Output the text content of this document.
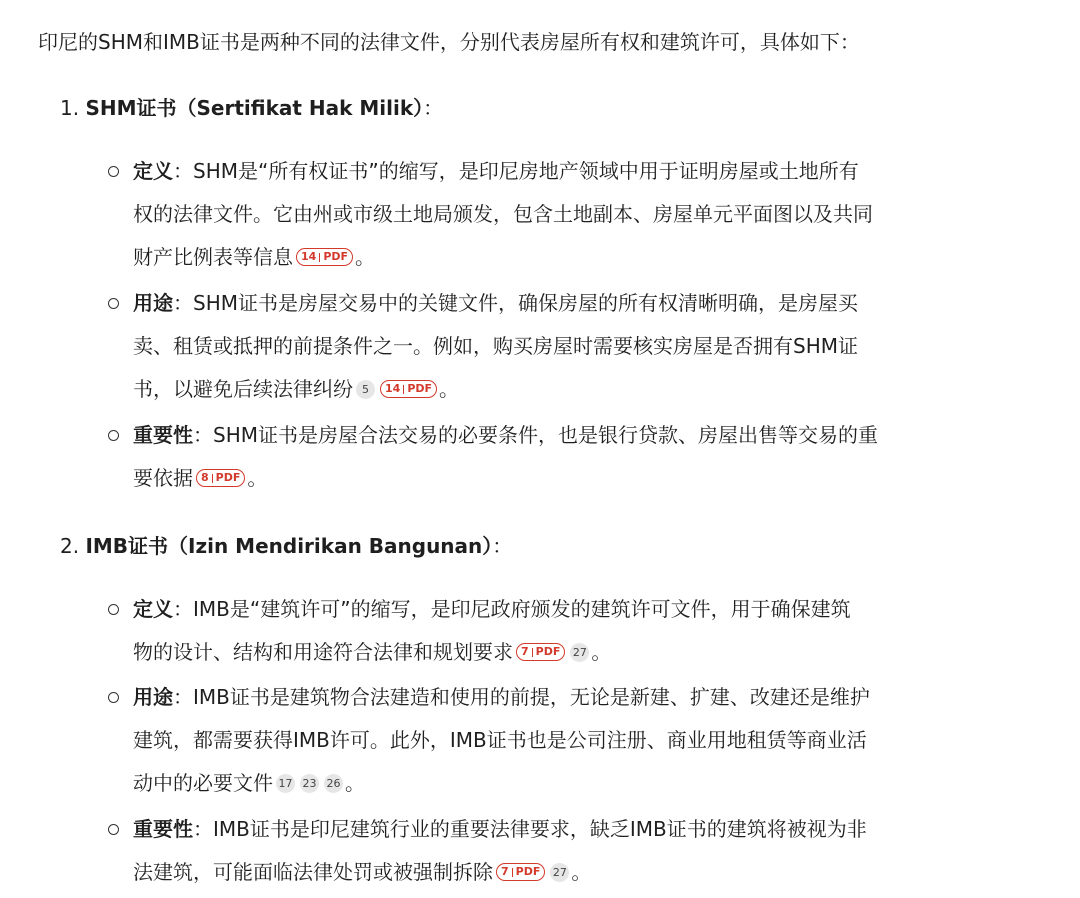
印尼的SHM和IMB证书是两种不同的法律文件，分别代表房屋所有权和建筑许可，具体如下：
1. SHM证书（Sertifikat Hak Milik）：
定义：SHM是“所有权证书”的缩写，是印尼房地产领域中用于证明房屋或土地所有
权的法律文件。它由州或市级土地局颁发，包含土地副本、房屋单元平面图以及共同
财产比例表等信息 14 PDF 。
用途：SHM证书是房屋交易中的关键文件，确保房屋的所有权清晰明确，是房屋买
卖、租赁或抵押的前提条件之一。例如，购买房屋时需要核实房屋是否拥有SHM证
书，以避免后续法律纠纷 5 14 PDF 。
重要性：SHM证书是房屋合法交易的必要条件，也是银行贷款、房屋出售等交易的重
要依据 8 PDF 。
2. IMB证书（Izin Mendirikan Bangunan）：
定义：IMB是“建筑许可”的缩写，是印尼政府颁发的建筑许可文件，用于确保建筑
物的设计、结构和用途符合法律和规划要求 7 PDF 27 。
用途：IMB证书是建筑物合法建造和使用的前提，无论是新建、扩建、改建还是维护
建筑，都需要获得IMB许可。此外，IMB证书也是公司注册、商业用地租赁等商业活
动中的必要文件 17 23 26 。
重要性：IMB证书是印尼建筑行业的重要法律要求，缺乏IMB证书的建筑将被视为非
法建筑，可能面临法律处罚或被强制拆除 7 PDF 27 。
